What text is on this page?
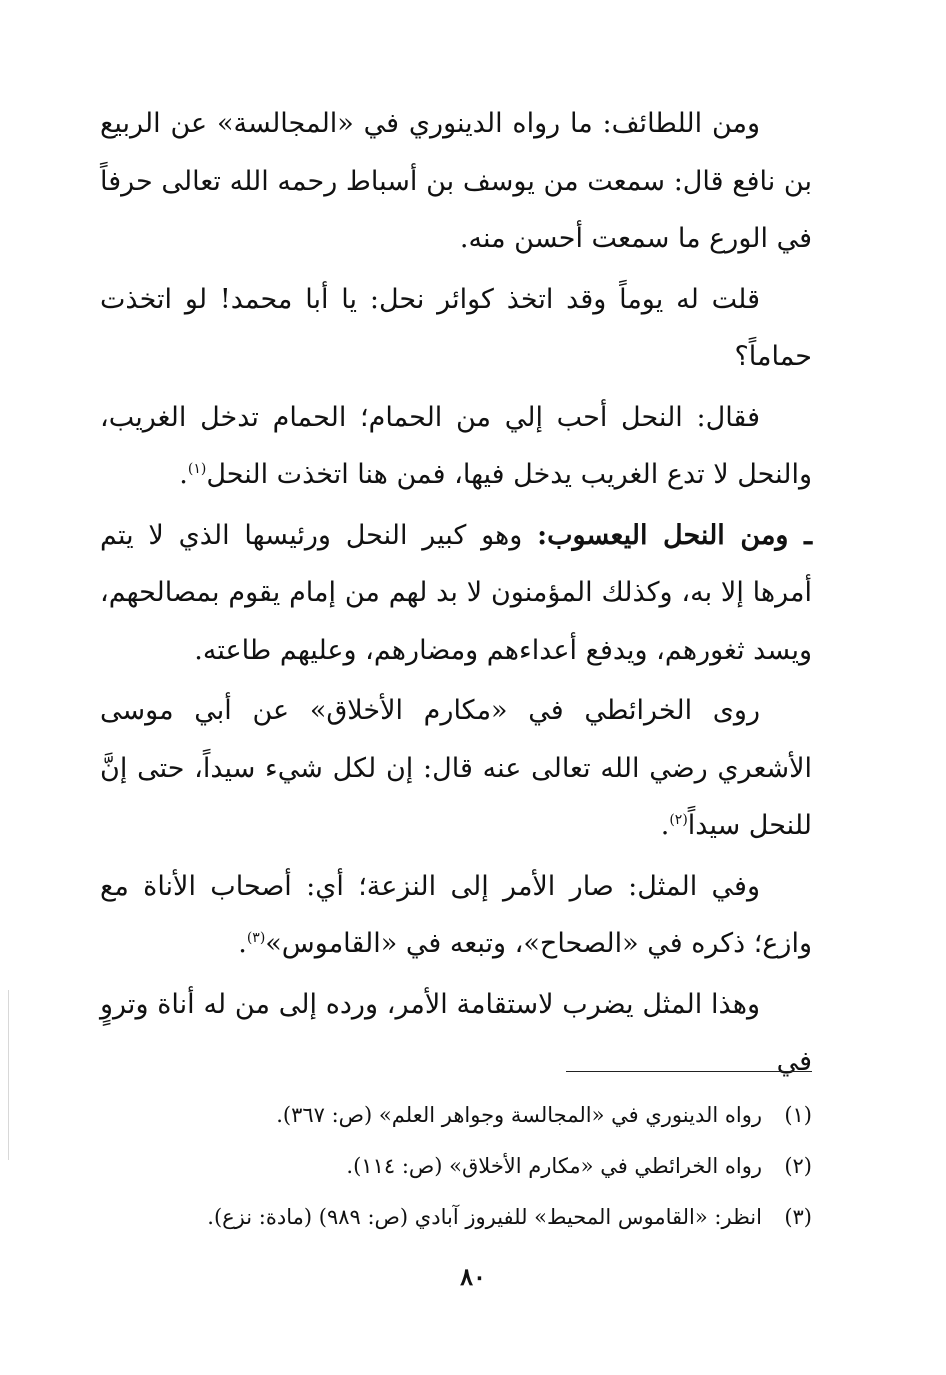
ومن اللطائف: ما رواه الدينوري في «المجالسة» عن الربيع بن نافع قال: سمعت من يوسف بن أسباط رحمه الله تعالى حرفاً في الورع ما سمعت أحسن منه.

قلت له يوماً وقد اتخذ كوائر نحل: يا أبا محمد! لو اتخذت حماماً؟

فقال: النحل أحب إلي من الحمام؛ الحمام تدخل الغريب، والنحل لا تدع الغريب يدخل فيها، فمن هنا اتخذت النحل$^{(١)}$.

ـ ومن النحل اليعسوب: وهو كبير النحل ورئيسها الذي لا يتم أمرها إلا به، وكذلك المؤمنون لا بد لهم من إمام يقوم بمصالحهم، ويسد ثغورهم، ويدفع أعداءهم ومضارهم، وعليهم طاعته.

روى الخرائطي في «مكارم الأخلاق» عن أبي موسى الأشعري رضي الله تعالى عنه قال: إن لكل شيء سيداً، حتى إنَّ للنحل سيداً$^{(٢)}$.

وفي المثل: صار الأمر إلى النزعة؛ أي: أصحاب الأناة مع وازع؛ ذكره في «الصحاح»، وتبعه في «القاموس»$^{(٣)}$.

وهذا المثل يضرب لاستقامة الأمر، ورده إلى من له أناة وتروٍ في

(١)
رواه الدينوري في «المجالسة وجواهر العلم» (ص: ٣٦٧).
(٢)
رواه الخرائطي في «مكارم الأخلاق» (ص: ١١٤).
(٣)
انظر: «القاموس المحيط» للفيروز آبادي (ص: ٩٨٩) (مادة: نزع).
٨٠
